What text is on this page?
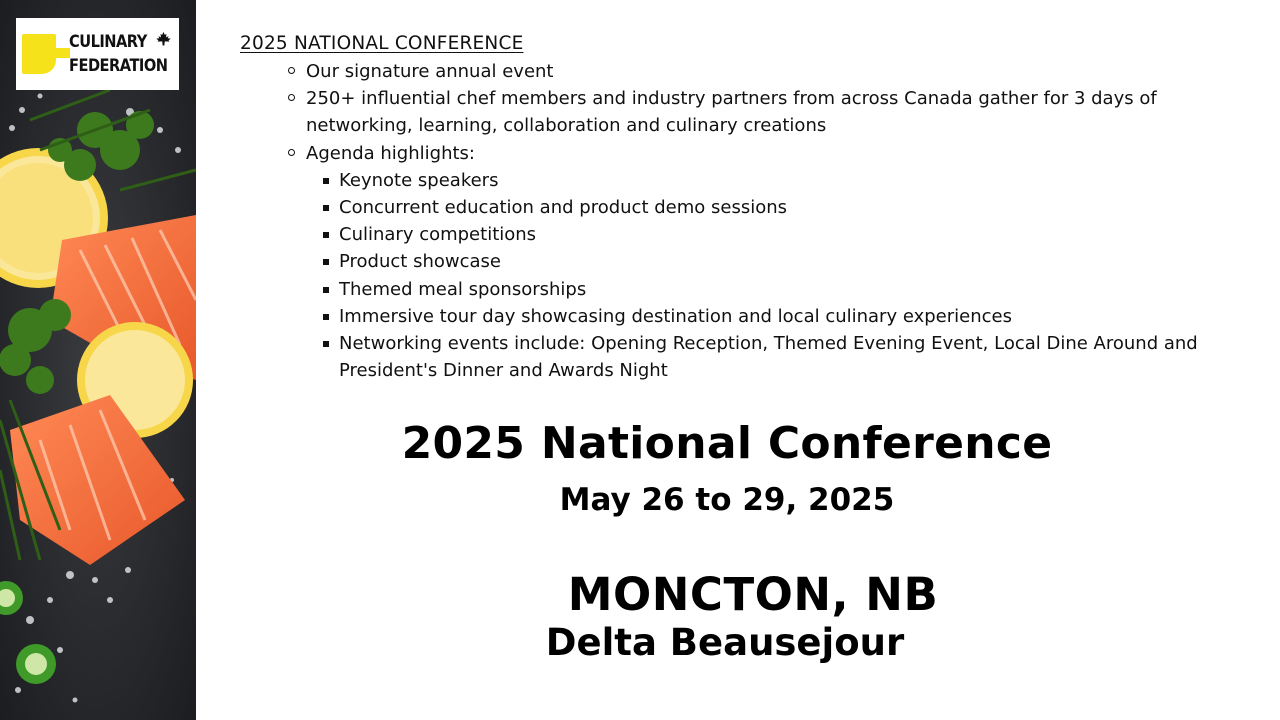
CULINARY
FEDERATION

2025 NATIONAL CONFERENCE

Our signature annual event
250+ influential chef members and industry partners from across Canada gather for 3 days of networking, learning, collaboration and culinary creations
Agenda highlights:
Keynote speakers
Concurrent education and product demo sessions
Culinary competitions
Product showcase
Themed meal sponsorships
Immersive tour day showcasing destination and local culinary experiences
Networking events include: Opening Reception, Themed Evening Event, Local Dine Around and President's Dinner and Awards Night
2025 National Conference
May 26 to 29, 2025
MONCTON, NB
Delta Beausejour
